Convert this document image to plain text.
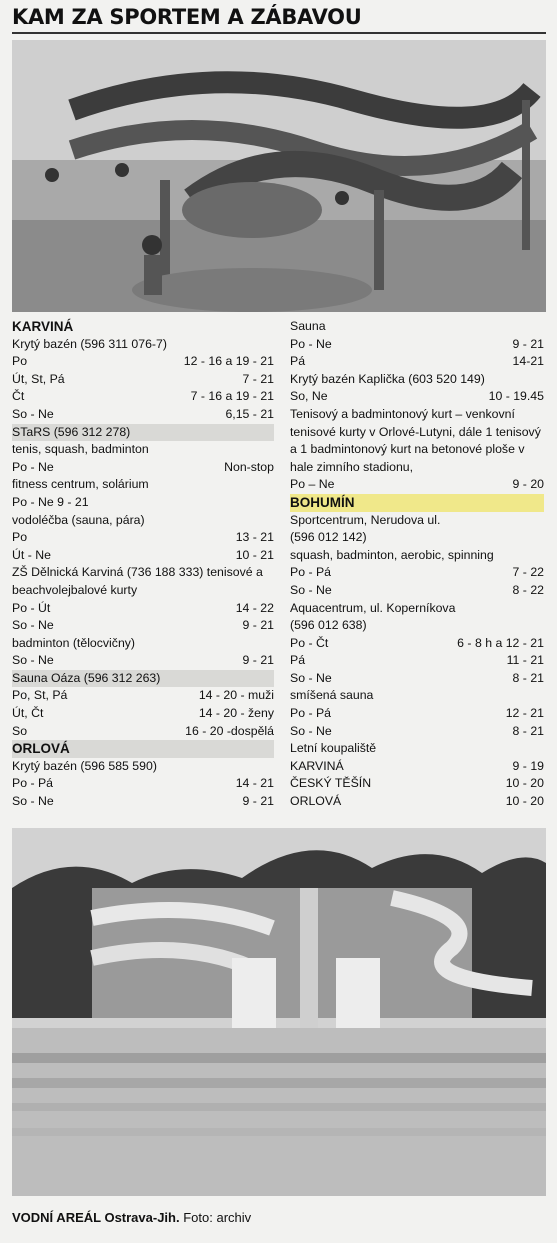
KAM ZA SPORTEM A ZÁBAVOU
KARVINÁ
Krytý bazén (596 311 076-7)
Po	12 - 16 a 19 - 21
Út, St, Pá	7 - 21
Čt	7 - 16 a 19 - 21
So - Ne	6,15 - 21
STaRS (596 312 278)
tenis, squash, badminton
Po - Ne	Non-stop
fitness centrum, solárium
Po - Ne 9 - 21
vodoléčba (sauna, pára)
Po	13 - 21
Út - Ne	10 - 21
ZŠ Dělnická Karviná (736 188 333) tenisové a beachvolejbalové kurty
Po - Út	14 - 22
So - Ne	9 - 21
badminton (tělocvičny)
So - Ne	9 - 21
Sauna Oáza (596 312 263)
Po, St, Pá	14 - 20 - muži
Út, Čt	14 - 20 - ženy
So	16 - 20 -dospělá
ORLOVÁ
Krytý bazén (596 585 590)
Po - Pá	14 - 21
So - Ne	9 - 21
Sauna
Po - Ne	9 - 21
Pá	14-21
Krytý bazén Kaplička (603 520 149)
So, Ne	10 - 19.45
Tenisový a badmintonový kurt – venkovní tenisové kurty v Orlové-Lutyni, dále 1 tenisový a 1 badmintonový kurt na betonové ploše v hale zimního stadionu,
Po – Ne	9 - 20
BOHUMÍN
Sportcentrum, Nerudova ul.
(596 012 142)
squash, badminton, aerobic, spinning
Po - Pá	7 - 22
So - Ne	8 - 22
Aquacentrum, ul. Koperníkova
(596 012 638)
Po - Čt	6 - 8 h a 12 - 21
Pá	11 - 21
So - Ne	8 - 21
smíšená sauna
Po - Pá	12 - 21
So - Ne	8 - 21
Letní koupaliště
KARVINÁ	9 - 19
ČESKÝ TĚŠÍN	10 - 20
ORLOVÁ	10 - 20
VODNÍ AREÁL Ostrava-Jih. Foto: archiv
